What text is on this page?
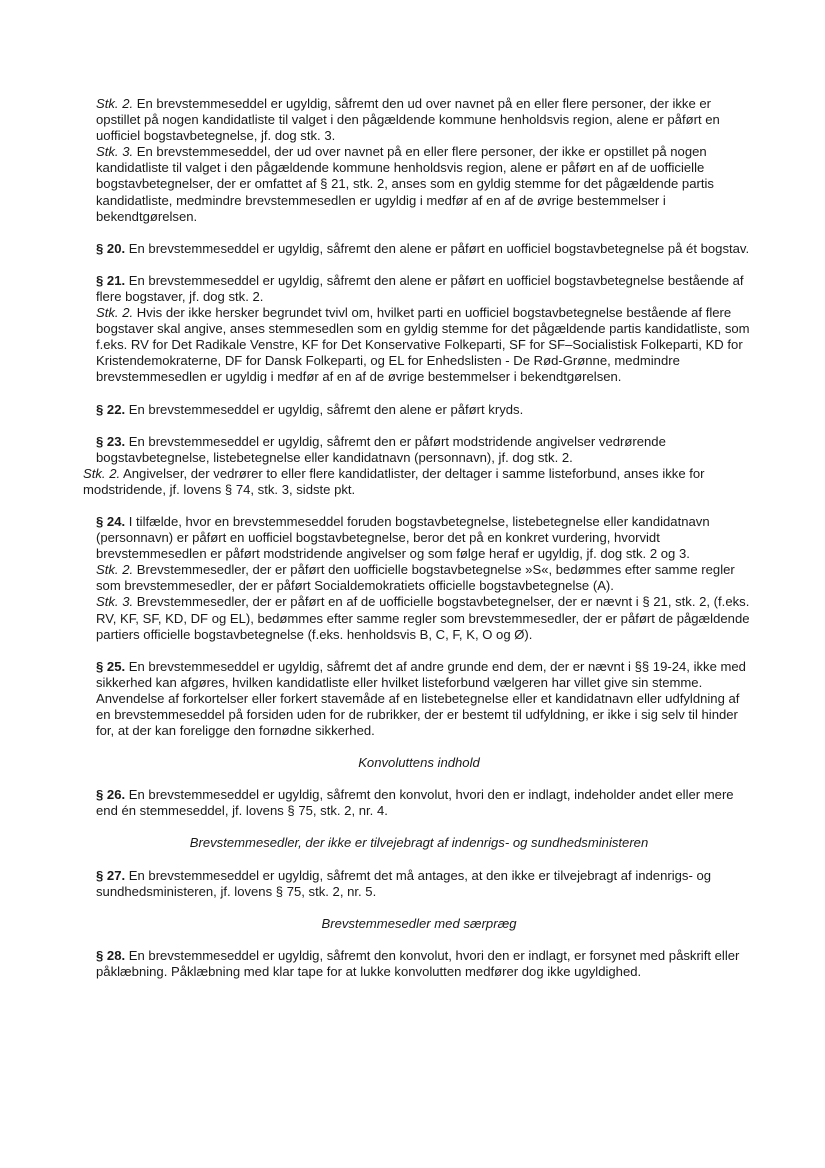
Stk. 2. En brevstemmeseddel er ugyldig, såfremt den ud over navnet på en eller flere personer, der ikke er opstillet på nogen kandidatliste til valget i den pågældende kommune henholdsvis region, alene er påført en uofficiel bogstavbetegnelse, jf. dog stk. 3.

Stk. 3. En brevstemmeseddel, der ud over navnet på en eller flere personer, der ikke er opstillet på nogen kandidatliste til valget i den pågældende kommune henholdsvis region, alene er påført en af de uofficielle bogstavbetegnelser, der er omfattet af § 21, stk. 2, anses som en gyldig stemme for det pågældende partis kandidatliste, medmindre brevstemmesedlen er ugyldig i medfør af en af de øvrige bestemmelser i bekendtgørelsen.

§ 20. En brevstemmeseddel er ugyldig, såfremt den alene er påført en uofficiel bogstavbetegnelse på ét bogstav.

§ 21. En brevstemmeseddel er ugyldig, såfremt den alene er påført en uofficiel bogstavbetegnelse bestående af flere bogstaver, jf. dog stk. 2.

Stk. 2. Hvis der ikke hersker begrundet tvivl om, hvilket parti en uofficiel bogstavbetegnelse bestående af flere bogstaver skal angive, anses stemmesedlen som en gyldig stemme for det pågældende partis kandidatliste, som f.eks. RV for Det Radikale Venstre, KF for Det Konservative Folkeparti, SF for SF–Socialistisk Folkeparti, KD for Kristendemokraterne, DF for Dansk Folkeparti, og EL for Enhedslisten - De Rød-Grønne, medmindre brevstemmesedlen er ugyldig i medfør af en af de øvrige bestemmelser i bekendtgørelsen.

§ 22. En brevstemmeseddel er ugyldig, såfremt den alene er påført kryds.

§ 23. En brevstemmeseddel er ugyldig, såfremt den er påført modstridende angivelser vedrørende bogstavbetegnelse, listebetegnelse eller kandidatnavn (personnavn), jf. dog stk. 2.

Stk. 2. Angivelser, der vedrører to eller flere kandidatlister, der deltager i samme listeforbund, anses ikke for modstridende, jf. lovens § 74, stk. 3, sidste pkt.

§ 24. I tilfælde, hvor en brevstemmeseddel foruden bogstavbetegnelse, listebetegnelse eller kandidatnavn (personnavn) er påført en uofficiel bogstavbetegnelse, beror det på en konkret vurdering, hvorvidt brevstemmesedlen er påført modstridende angivelser og som følge heraf er ugyldig, jf. dog stk. 2 og 3.

Stk. 2. Brevstemmesedler, der er påført den uofficielle bogstavbetegnelse »S«, bedømmes efter samme regler som brevstemmesedler, der er påført Socialdemokratiets officielle bogstavbetegnelse (A).

Stk. 3. Brevstemmesedler, der er påført en af de uofficielle bogstavbetegnelser, der er nævnt i § 21, stk. 2, (f.eks. RV, KF, SF, KD, DF og EL), bedømmes efter samme regler som brevstemmesedler, der er påført de pågældende partiers officielle bogstavbetegnelse (f.eks. henholdsvis B, C, F, K, O og Ø).

§ 25. En brevstemmeseddel er ugyldig, såfremt det af andre grunde end dem, der er nævnt i §§ 19-24, ikke med sikkerhed kan afgøres, hvilken kandidatliste eller hvilket listeforbund vælgeren har villet give sin stemme. Anvendelse af forkortelser eller forkert stavemåde af en listebetegnelse eller et kandidatnavn eller udfyldning af en brevstemmeseddel på forsiden uden for de rubrikker, der er bestemt til udfyldning, er ikke i sig selv til hinder for, at der kan foreligge den fornødne sikkerhed.

Konvoluttens indhold

§ 26. En brevstemmeseddel er ugyldig, såfremt den konvolut, hvori den er indlagt, indeholder andet eller mere end én stemmeseddel, jf. lovens § 75, stk. 2, nr. 4.

Brevstemmesedler, der ikke er tilvejebragt af indenrigs- og sundhedsministeren

§ 27. En brevstemmeseddel er ugyldig, såfremt det må antages, at den ikke er tilvejebragt af indenrigs- og sundhedsministeren, jf. lovens § 75, stk. 2, nr. 5.

Brevstemmesedler med særpræg

§ 28. En brevstemmeseddel er ugyldig, såfremt den konvolut, hvori den er indlagt, er forsynet med påskrift eller påklæbning. Påklæbning med klar tape for at lukke konvolutten medfører dog ikke ugyldighed.
